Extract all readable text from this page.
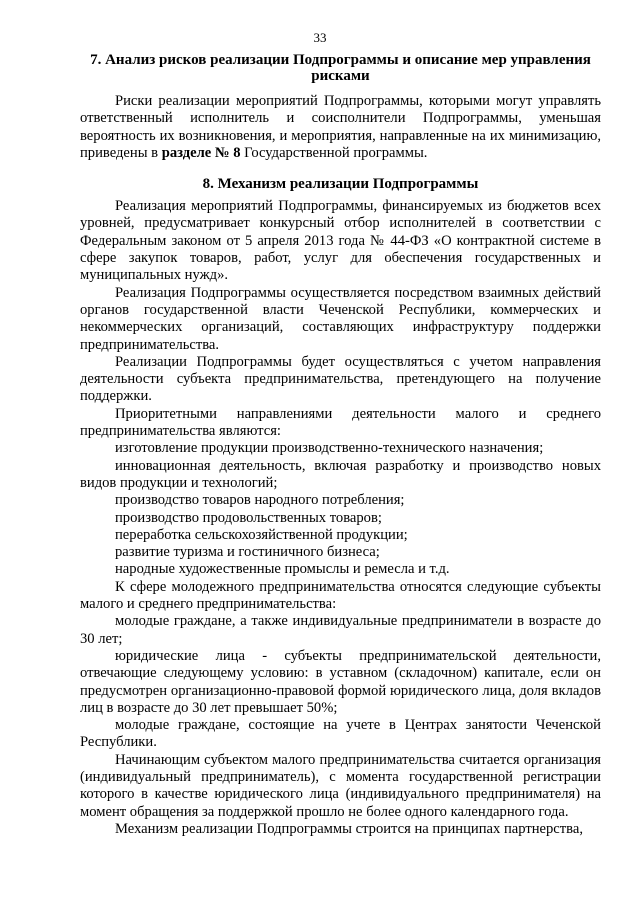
33
7. Анализ рисков реализации Подпрограммы и описание мер управления рисками

Риски реализации мероприятий Подпрограммы, которыми могут управлять ответственный исполнитель и соисполнители Подпрограммы, уменьшая вероятность их возникновения, и мероприятия, направленные на их минимизацию, приведены в разделе № 8 Государственной программы.

8. Механизм реализации Подпрограммы

Реализация мероприятий Подпрограммы, финансируемых из бюджетов всех уровней, предусматривает конкурсный отбор исполнителей в соответствии с Федеральным законом от 5 апреля 2013 года № 44-ФЗ «О контрактной системе в сфере закупок товаров, работ, услуг для обеспечения государственных и муниципальных нужд».

Реализация Подпрограммы осуществляется посредством взаимных действий органов государственной власти Чеченской Республики, коммерческих и некоммерческих организаций, составляющих инфраструктуру поддержки предпринимательства.

Реализации Подпрограммы будет осуществляться с учетом направления деятельности субъекта предпринимательства, претендующего на получение поддержки.

Приоритетными направлениями деятельности малого и среднего предпринимательства являются:

изготовление продукции производственно-технического назначения;

инновационная деятельность, включая разработку и производство новых видов продукции и технологий;

производство товаров народного потребления;

производство продовольственных товаров;

переработка сельскохозяйственной продукции;

развитие туризма и гостиничного бизнеса;

народные художественные промыслы и ремесла и т.д.

К сфере молодежного предпринимательства относятся следующие субъекты малого и среднего предпринимательства:

молодые граждане, а также индивидуальные предприниматели в возрасте до 30 лет;

юридические лица - субъекты предпринимательской деятельности, отвечающие следующему условию: в уставном (складочном) капитале, если он предусмотрен организационно-правовой формой юридического лица, доля вкладов лиц в возрасте до 30 лет превышает 50%;

молодые граждане, состоящие на учете в Центрах занятости Чеченской Республики.

Начинающим субъектом малого предпринимательства считается организация (индивидуальный предприниматель), с момента государственной регистрации которого в качестве юридического лица (индивидуального предпринимателя) на момент обращения за поддержкой прошло не более одного календарного года.

Механизм реализации Подпрограммы строится на принципах партнерства,
